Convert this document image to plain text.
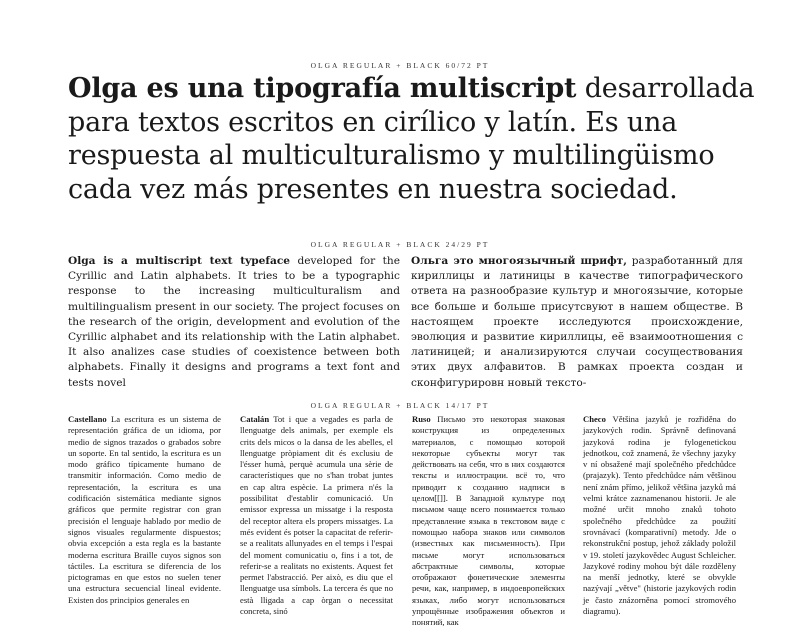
OLGA REGULAR + BLACK 60/72 PT

Olga es una tipografía multiscript desarrollada para textos escritos en cirílico y latín. Es una respuesta al multiculturalismo y multilingüismo cada vez más presentes en nuestra sociedad.

OLGA REGULAR + BLACK 24/29 PT

Olga is a multiscript text typeface developed for the Cyrillic and Latin alphabets. It tries to be a typographic response to the increasing multiculturalism and multilingualism present in our society. The project focuses on the research of the origin, development and evolution of the Cyrillic alphabet and its relationship with the Latin alphabet. It also analizes case studies of coexistence between both alphabets. Finally it designs and programs a text font and tests novel

Ольга это многоязычный шрифт, разработанный для кириллицы и латиницы в качестве типографического ответа на разнообразие культур и многоязычие, которые все больше и больше присутсвуют в нашем обществе. В настоящем проекте исследуются происхождение, эволюция и развитие кириллицы, её взаимоотношения с латиницей; и анализируются случаи сосуществования этих двух алфавитов. В рамках проекта создан и сконфигурировн новый тексто-

OLGA REGULAR + BLACK 14/17 PT

Castellano La escritura es un sistema de representación gráfica de un idioma, por medio de signos trazados o grabados sobre un soporte. En tal sentido, la escritura es un modo gráfico típicamente humano de transmitir información. Como medio de representación, la escritura es una codificación sistemática mediante signos gráficos que permite registrar con gran precisión el lenguaje hablado por medio de signos visuales regularmente dispuestos; obvia excepción a esta regla es la bastante moderna escritura Braille cuyos signos son táctiles. La escritura se diferencia de los pictogramas en que estos no suelen tener una estructura secuencial lineal evidente. Existen dos principios generales en

Catalán Tot i que a vegades es parla de llenguatge dels animals, per exemple els crits dels micos o la dansa de les abelles, el llenguatge pròpiament dit és exclusiu de l'ésser humà, perquè acumula una sèrie de característiques que no s'han trobat juntes en cap altra espècie. La primera n'és la possibilitat d'establir comunicació. Un emissor expressa un missatge i la resposta del receptor altera els propers missatges. La més evident és potser la capacitat de referir-se a realitats allunyades en el temps i l'espai del moment comunicatiu o, fins i a tot, de referir-se a realitats no existents. Aquest fet permet l'abstracció. Per això, es diu que el llenguatge usa símbols. La tercera és que no està lligada a cap òrgan o necessitat concreta, sinó

Ruso Письмо это некоторая знаковая конструкция из определенных материалов, с помощью которой некоторые субъекты могут так действовать на себя, что в них создаются тексты и иллюстрации. всё то, что приводит к созданию надписи в целом[[]]. В Западной культуре под письмом чаще всего понимается только представление языка в текстовом виде с помощью набора знаков или символов (известных как письменность). При письме могут использоваться абстрактные символы, которые отображают фонетические элементы речи, как, например, в индоевропейских языках, либо могут использоваться упрощённые изображения объектов и понятий, как

Checo Většina jazyků je rozřiděna do jazykových rodin. Správně definovaná jazyková rodina je fylogenetickou jednotkou, což znamená, že všechny jazyky v ní obsažené mají společného předchůdce (prajazyk). Tento předchůdce nám většinou není znám přímo, jelikož většina jazyků má velmi krátce zaznamenanou historii. Je ale možné určit mnoho znaků tohoto společného předchůdce za použití srovnávací (komparativní) metody. Jde o rekonstrukční postup, jehož základy položil v 19. století jazykovědec August Schleicher. Jazykové rodiny mohou být dále rozděleny na menší jednotky, které se obvykle nazývají „větve" (historie jazykových rodin je často znázorněna pomocí stromového diagramu).
